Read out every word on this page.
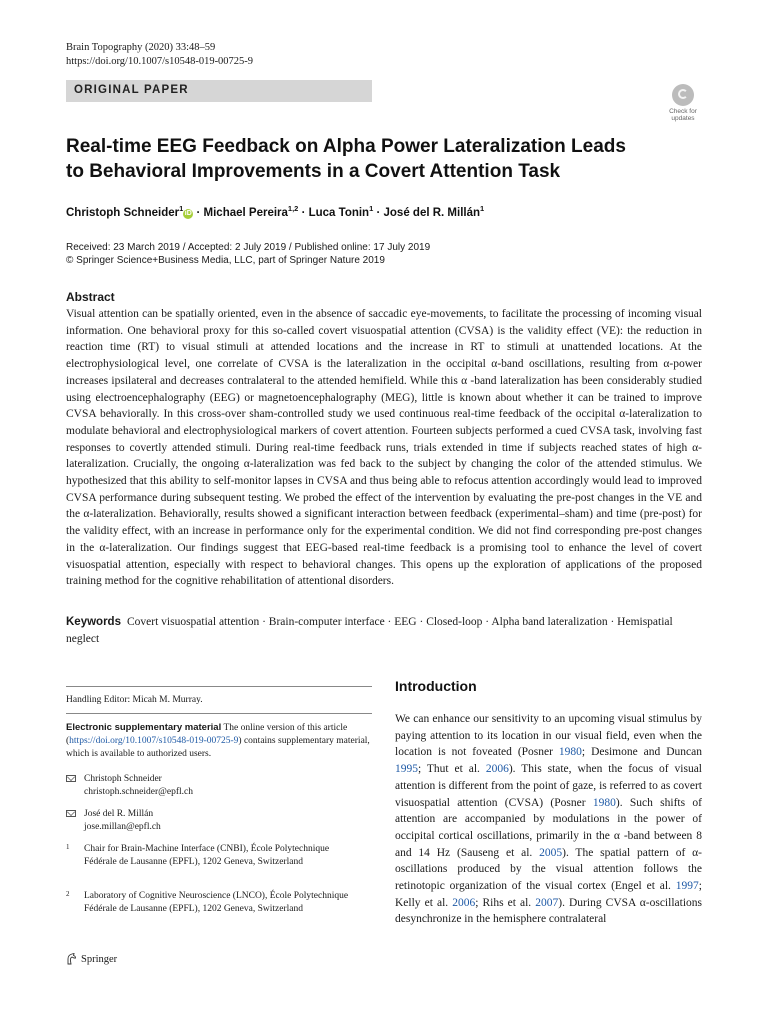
Brain Topography (2020) 33:48–59
https://doi.org/10.1007/s10548-019-00725-9
ORIGINAL PAPER
Check for updates
Real-time EEG Feedback on Alpha Power Lateralization Leads to Behavioral Improvements in a Covert Attention Task
Christoph Schneider$^1$iD · Michael Pereira$^{1,2}$ · Luca Tonin$^1$ · José del R. Millán$^1$
Received: 23 March 2019 / Accepted: 2 July 2019 / Published online: 17 July 2019
© Springer Science+Business Media, LLC, part of Springer Nature 2019
Abstract
Visual attention can be spatially oriented, even in the absence of saccadic eye-movements, to facilitate the processing of incoming visual information. One behavioral proxy for this so-called covert visuospatial attention (CVSA) is the validity effect (VE): the reduction in reaction time (RT) to visual stimuli at attended locations and the increase in RT to stimuli at unattended locations. At the electrophysiological level, one correlate of CVSA is the lateralization in the occipital α-band oscillations, resulting from α-power increases ipsilateral and decreases contralateral to the attended hemifield. While this α -band lateralization has been considerably studied using electroencephalography (EEG) or magnetoencephalography (MEG), little is known about whether it can be trained to improve CVSA behaviorally. In this cross-over sham-controlled study we used continuous real-time feedback of the occipital α-lateralization to modulate behavioral and electrophysiological markers of covert attention. Fourteen subjects performed a cued CVSA task, involving fast responses to covertly attended stimuli. During real-time feedback runs, trials extended in time if subjects reached states of high α-lateralization. Crucially, the ongoing α-lateralization was fed back to the subject by changing the color of the attended stimulus. We hypothesized that this ability to self-monitor lapses in CVSA and thus being able to refocus attention accordingly would lead to improved CVSA performance during subsequent testing. We probed the effect of the intervention by evaluating the pre-post changes in the VE and the α-lateralization. Behaviorally, results showed a significant interaction between feedback (experimental–sham) and time (pre-post) for the validity effect, with an increase in performance only for the experimental condition. We did not find corresponding pre-post changes in the α-lateralization. Our findings suggest that EEG-based real-time feedback is a promising tool to enhance the level of covert visuospatial attention, especially with respect to behavioral changes. This opens up the exploration of applications of the proposed training method for the cognitive rehabilitation of attentional disorders.
Keywords Covert visuospatial attention · Brain-computer interface · EEG · Closed-loop · Alpha band lateralization · Hemispatial neglect
Handling Editor: Micah M. Murray.
Electronic supplementary material The online version of this article (https://doi.org/10.1007/s10548-019-00725-9) contains supplementary material, which is available to authorized users.
Christoph Schneider
christoph.schneider@epfl.ch
José del R. Millán
jose.millan@epfl.ch
1 Chair for Brain-Machine Interface (CNBI), École Polytechnique Fédérale de Lausanne (EPFL), 1202 Geneva, Switzerland
2 Laboratory of Cognitive Neuroscience (LNCO), École Polytechnique Fédérale de Lausanne (EPFL), 1202 Geneva, Switzerland
Springer
Introduction
We can enhance our sensitivity to an upcoming visual stimulus by paying attention to its location in our visual field, even when the location is not foveated (Posner 1980; Desimone and Duncan 1995; Thut et al. 2006). This state, when the focus of visual attention is different from the point of gaze, is referred to as covert visuospatial attention (CVSA) (Posner 1980). Such shifts of attention are accompanied by modulations in the power of occipital cortical oscillations, primarily in the α -band between 8 and 14 Hz (Sauseng et al. 2005). The spatial pattern of α-oscillations produced by the visual attention follows the retinotopic organization of the visual cortex (Engel et al. 1997; Kelly et al. 2006; Rihs et al. 2007). During CVSA α-oscillations desynchronize in the hemisphere contralateral
